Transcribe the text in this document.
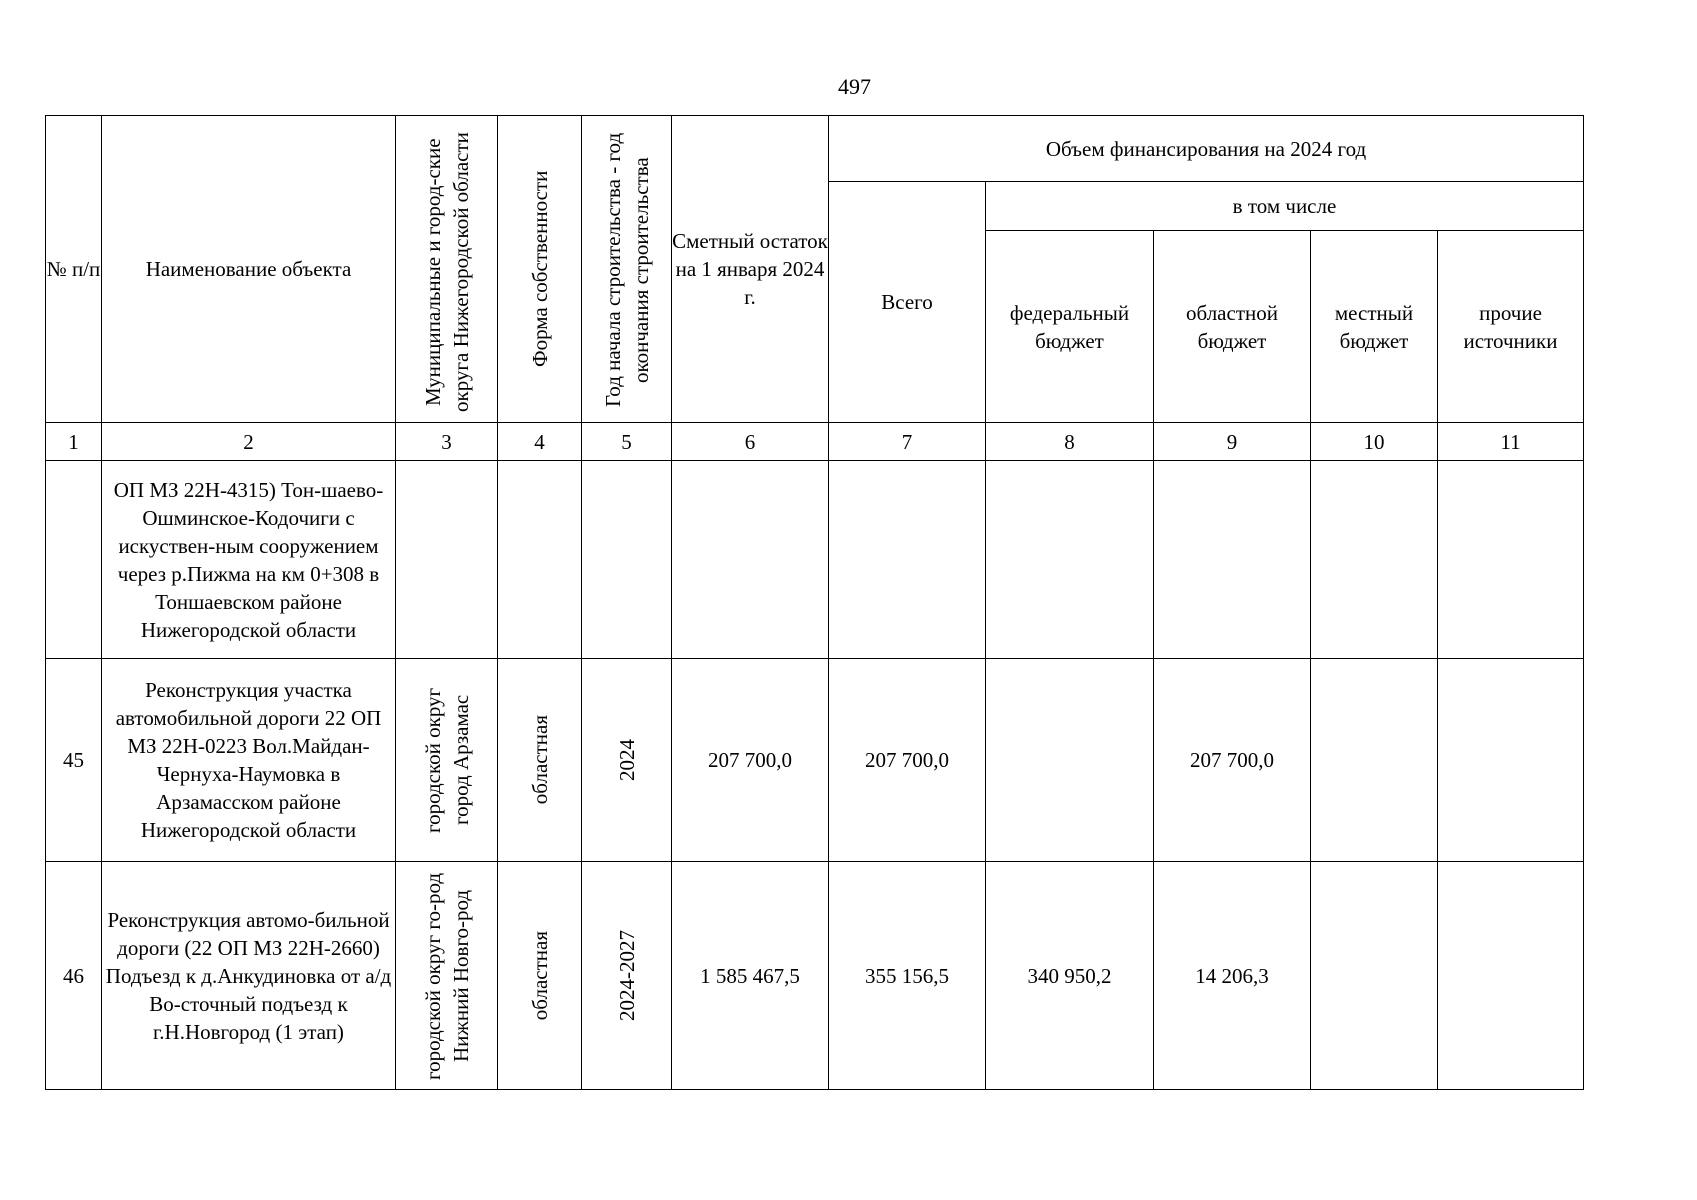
497
№ п/п	Наименование объекта	Муниципальные и город-ские округа Нижегородской области	Форма собственности	Год начала строительства - год окончания строительства	Сметный остаток на 1 января 2024 г.	Объем финансирования на 2024 год				
						Всего	в том числе			
							федеральный бюджет	областной бюджет	местный бюджет	прочие источники
1	2	3	4	5	6	7	8	9	10	11
	ОП МЗ 22Н-4315) Тон-шаево-Ошминское-Кодочиги с искуствен-ным сооружением через р.Пижма на км 0+308 в Тоншаевском районе Нижегородской области									
45	Реконструкция участка автомобильной дороги 22 ОП МЗ 22Н-0223 Вол.Майдан-Чернуха-Наумовка в Арзамасском районе Нижегородской области	городской округ город Арзамас	областная	2024	207 700,0	207 700,0		207 700,0		
46	Реконструкция автомо-бильной дороги (22 ОП МЗ 22Н-2660) Подъезд к д.Анкудиновка от а/д Во-сточный подъезд к г.Н.Новгород (1 этап)	городской округ го-род Нижний Новго-род	областная	2024-2027	1 585 467,5	355 156,5	340 950,2	14 206,3		
